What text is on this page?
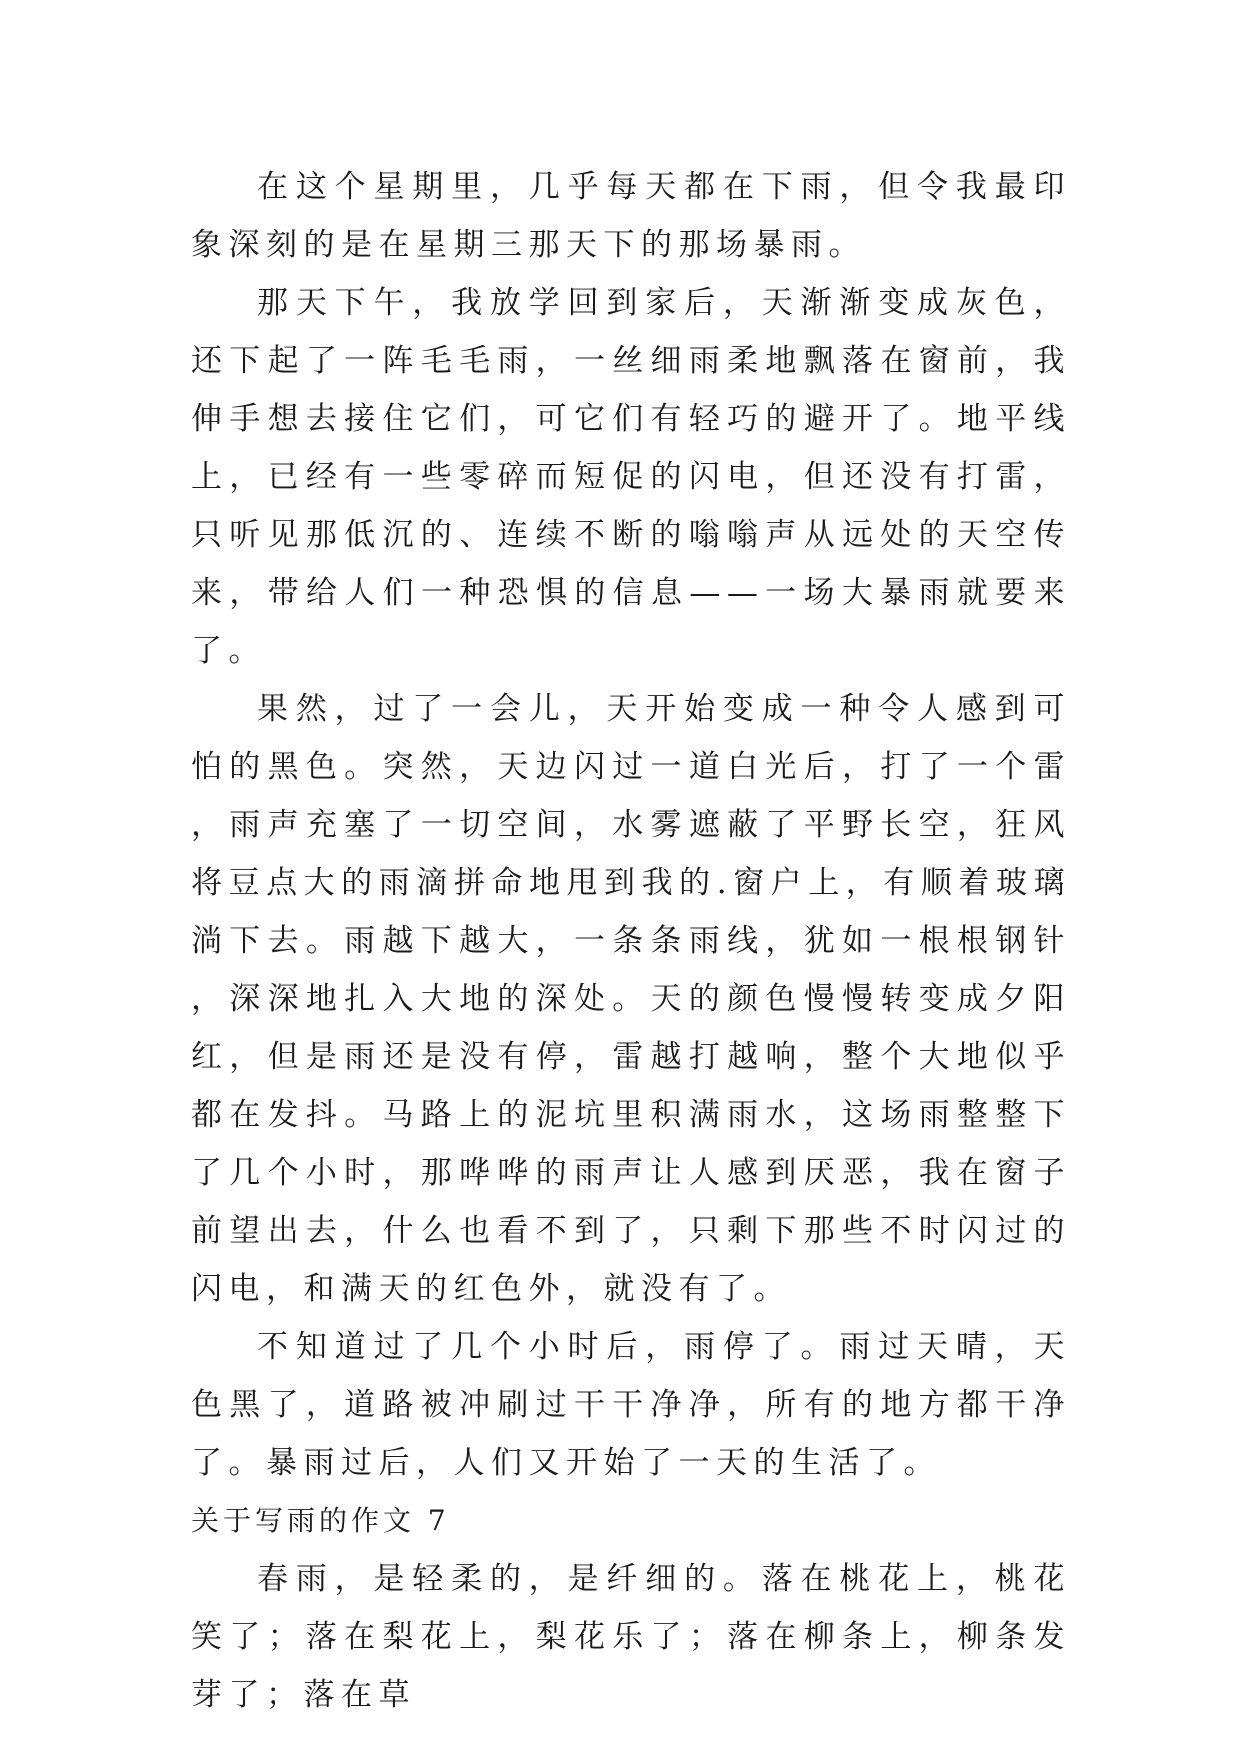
在这个星期里，几乎每天都在下雨，但令我最印象深刻的是在星期三那天下的那场暴雨。

那天下午，我放学回到家后，天渐渐变成灰色，还下起了一阵毛毛雨，一丝细雨柔地飘落在窗前，我伸手想去接住它们，可它们有轻巧的避开了。地平线上，已经有一些零碎而短促的闪电，但还没有打雷，只听见那低沉的、连续不断的嗡嗡声从远处的天空传来，带给人们一种恐惧的信息——一场大暴雨就要来了。

果然，过了一会儿，天开始变成一种令人感到可怕的黑色。突然，天边闪过一道白光后，打了一个雷，雨声充塞了一切空间，水雾遮蔽了平野长空，狂风将豆点大的雨滴拼命地甩到我的.窗户上，有顺着玻璃淌下去。雨越下越大，一条条雨线，犹如一根根钢针，深深地扎入大地的深处。天的颜色慢慢转变成夕阳红，但是雨还是没有停，雷越打越响，整个大地似乎都在发抖。马路上的泥坑里积满雨水，这场雨整整下了几个小时，那哗哗的雨声让人感到厌恶，我在窗子前望出去，什么也看不到了，只剩下那些不时闪过的闪电，和满天的红色外，就没有了。

不知道过了几个小时后，雨停了。雨过天晴，天色黑了，道路被冲刷过干干净净，所有的地方都干净了。暴雨过后，人们又开始了一天的生活了。

关于写雨的作文 7

春雨，是轻柔的，是纤细的。落在桃花上，桃花笑了；落在梨花上，梨花乐了；落在柳条上，柳条发芽了；落在草
